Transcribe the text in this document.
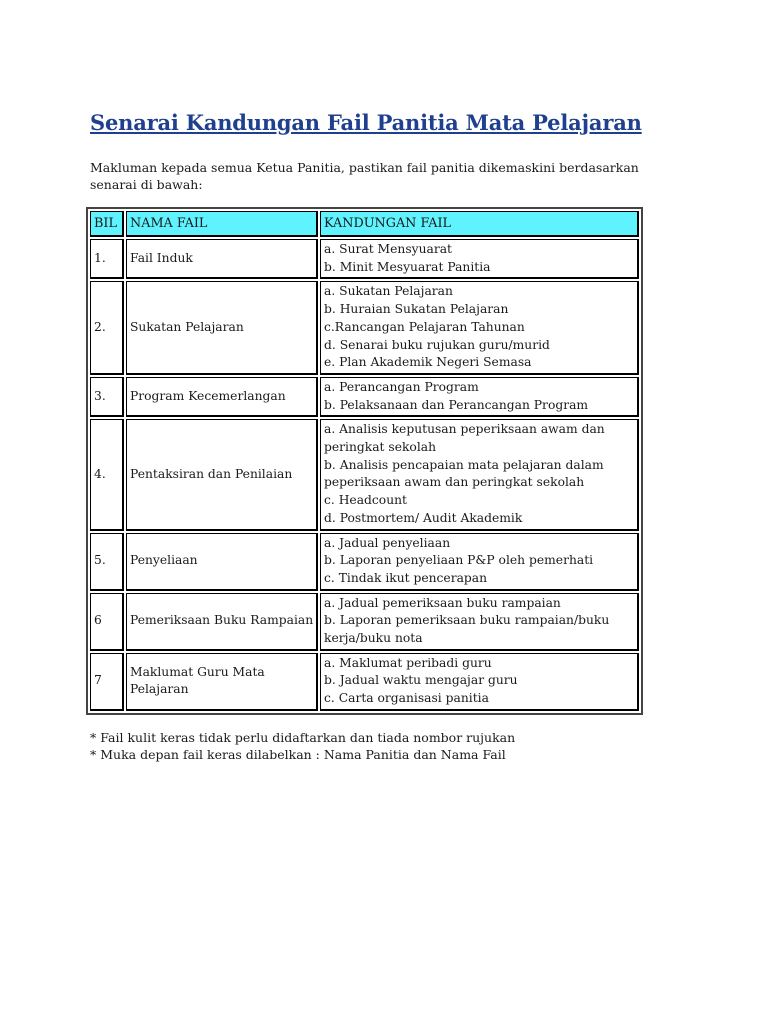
Senarai Kandungan Fail Panitia Mata Pelajaran

Makluman kepada semua Ketua Panitia, pastikan fail panitia dikemaskini berdasarkan senarai di bawah:

BIL	NAMA FAIL	KANDUNGAN FAIL
1.	Fail Induk	a. Surat Mensyuarat
b. Minit Mesyuarat Panitia

2.	Sukatan Pelajaran	a. Sukatan Pelajaran
b. Huraian Sukatan Pelajaran
c.Rancangan Pelajaran Tahunan
d. Senarai buku rujukan guru/murid
e. Plan Akademik Negeri Semasa

3.	Program Kecemerlangan	a. Perancangan Program
b. Pelaksanaan dan Perancangan Program

4.	Pentaksiran dan Penilaian	a. Analisis keputusan peperiksaan awam dan peringkat sekolah
b. Analisis pencapaian mata pelajaran dalam peperiksaan awam dan peringkat sekolah
c. Headcount
d. Postmortem/ Audit Akademik

5.	Penyeliaan	a. Jadual penyeliaan
b. Laporan penyeliaan P&P oleh pemerhati
c. Tindak ikut pencerapan

6	Pemeriksaan Buku Rampaian	a. Jadual pemeriksaan buku rampaian
b. Laporan pemeriksaan buku rampaian/buku kerja/buku nota

7	Maklumat Guru Mata Pelajaran	a. Maklumat peribadi guru
b. Jadual waktu mengajar guru
c. Carta organisasi panitia
* Fail kulit keras tidak perlu didaftarkan dan tiada nombor rujukan
* Muka depan fail keras dilabelkan : Nama Panitia dan Nama Fail
